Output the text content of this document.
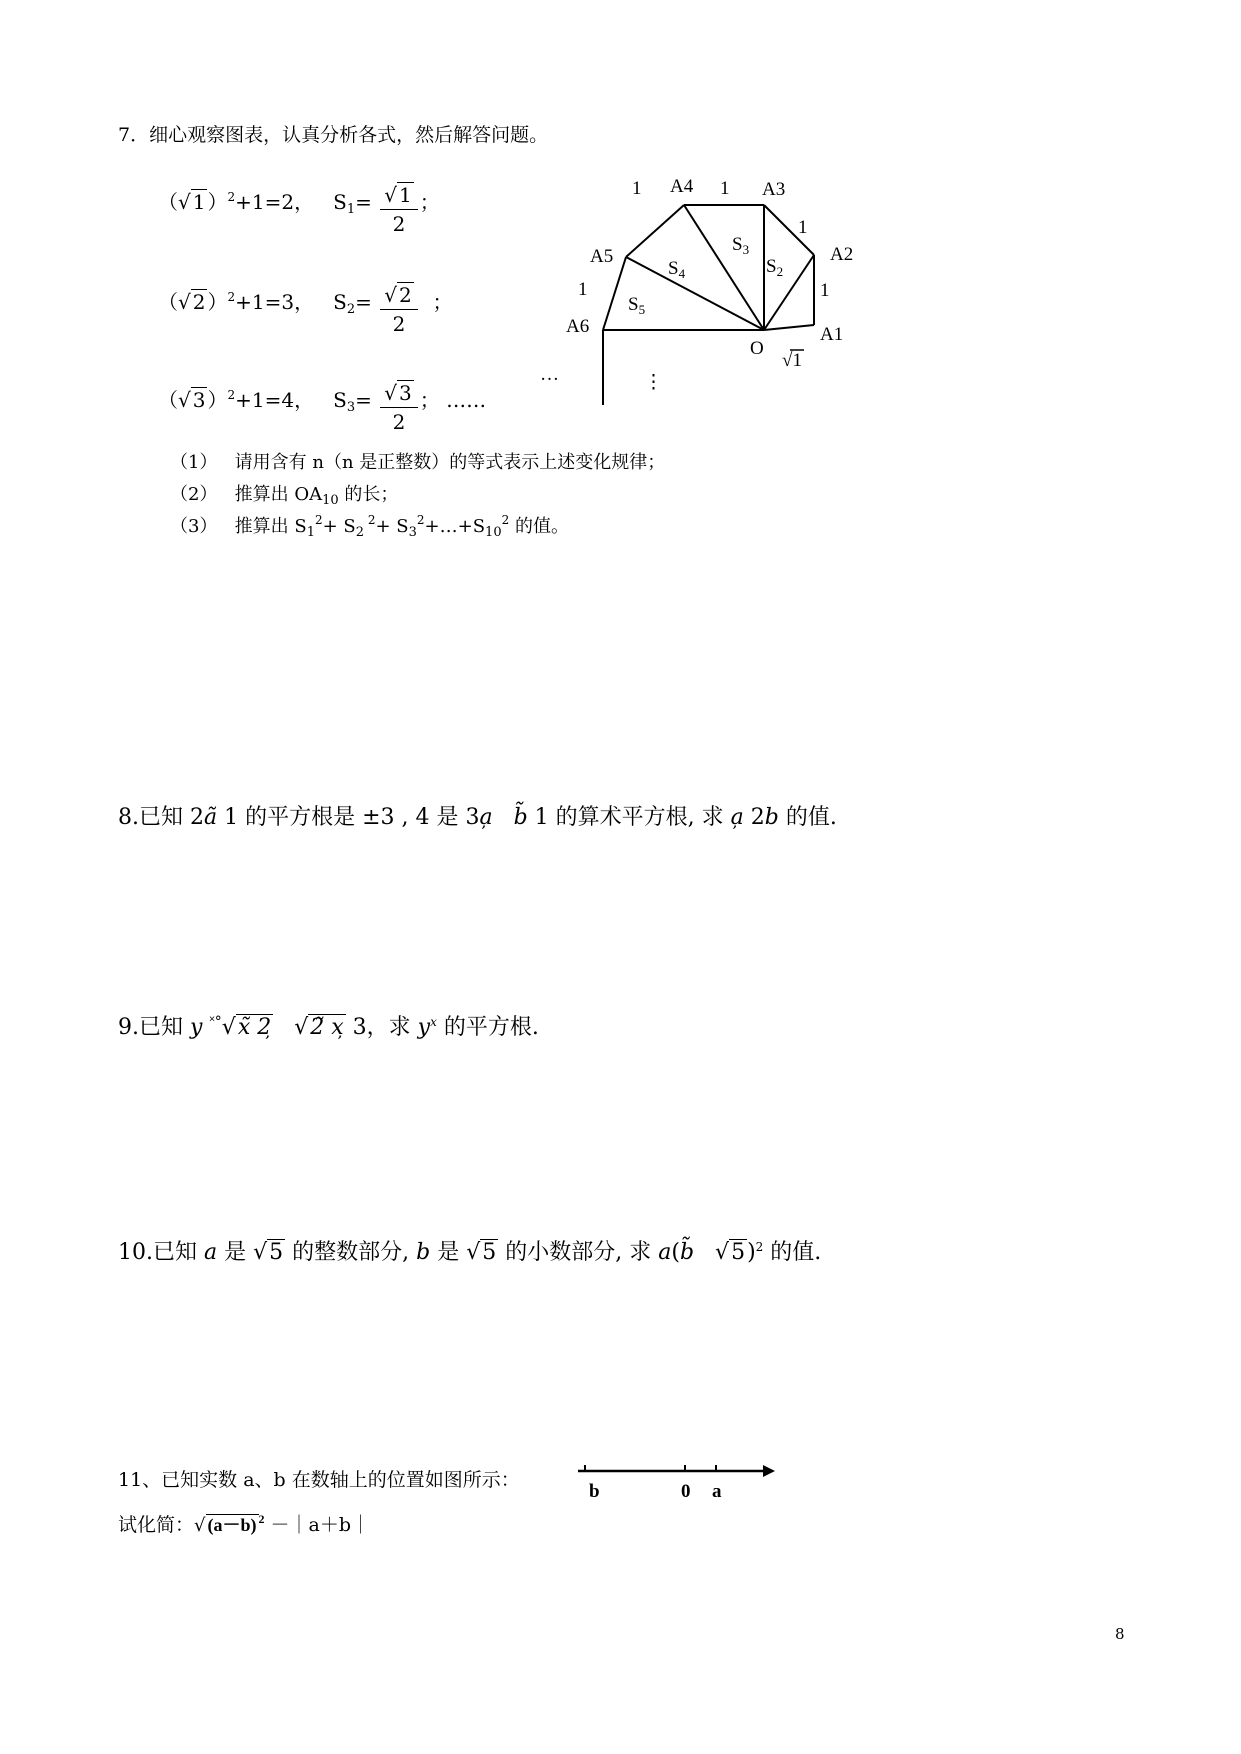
7．细心观察图表，认真分析各式，然后解答问题。
（√ 1 ）$^2$+1=2， $S_1= \frac{√ 1}{2}$ ；
（√ 2 ）$^2$+1=3， $S_2= \frac{√ 2}{2}$ ；
（√ 3 ）$^2$+1=4， $S_3= \frac{√ 3}{2}$ ； ……
A1
A2
A3
A4
A5
A6
O
1
1
1
1
1
$S_3$
$S_2$
$S_4$
$S_5$
√1
…	⋮
（1） 请用含有 n（n 是正整数）的等式表示上述变化规律；
（2） 推算出 $OA_{10}$ 的长；
（3） 推算出 $S_1^2+ S_2$ $^2+ S_3^2+\dots+S_{10}^2$ 的值。
8.已知 2ã 1 的平方根是 ±3 , 4 是 3a̦ b̃ 1 的算术平方根, 求 a̦ 2b 的值.
9.已知 y ˟°√x̃ 2 √2̃ x 3，求 $y^x$ 的平方根.
10.已知 a 是 √5 的整数部分, b 是 √5 的小数部分, 求 a(b̃ √5)$^2$ 的值.
11、已知实数 a、b 在数轴上的位置如图所示：
b	0 a
试化简：√ (a－b) $^2$ －｜a＋b｜
8
